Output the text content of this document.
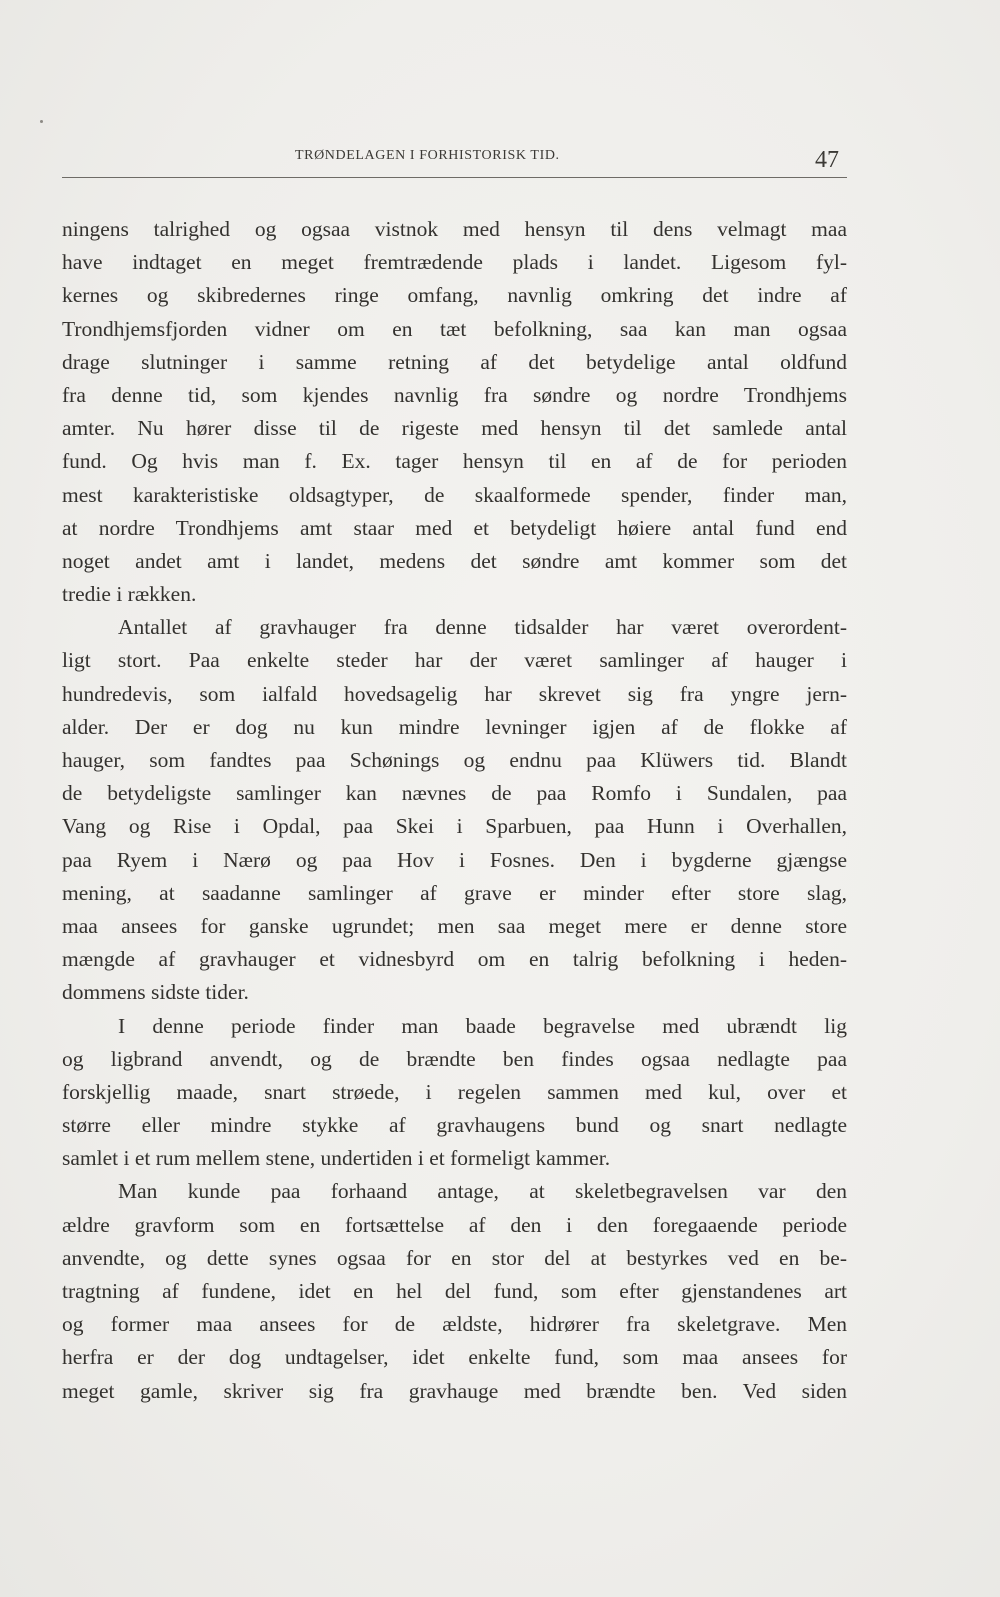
TRØNDELAGEN I FORHISTORISK TID.	47
ningens talrighed og ogsaa vistnok med hensyn til dens velmagt maa
have indtaget en meget fremtrædende plads i landet. Ligesom fyl-
kernes og skibredernes ringe omfang, navnlig omkring det indre af
Trondhjemsfjorden vidner om en tæt befolkning, saa kan man ogsaa
drage slutninger i samme retning af det betydelige antal oldfund
fra denne tid, som kjendes navnlig fra søndre og nordre Trondhjems
amter. Nu hører disse til de rigeste med hensyn til det samlede antal
fund. Og hvis man f. Ex. tager hensyn til en af de for perioden
mest karakteristiske oldsagtyper, de skaalformede spender, finder man,
at nordre Trondhjems amt staar med et betydeligt høiere antal fund end
noget andet amt i landet, medens det søndre amt kommer som det
tredie i rækken.
Antallet af gravhauger fra denne tidsalder har været overordent-
ligt stort. Paa enkelte steder har der været samlinger af hauger i
hundredevis, som ialfald hovedsagelig har skrevet sig fra yngre jern-
alder. Der er dog nu kun mindre levninger igjen af de flokke af
hauger, som fandtes paa Schønings og endnu paa Klüwers tid. Blandt
de betydeligste samlinger kan nævnes de paa Romfo i Sundalen, paa
Vang og Rise i Opdal, paa Skei i Sparbuen, paa Hunn i Overhallen,
paa Ryem i Nærø og paa Hov i Fosnes. Den i bygderne gjængse
mening, at saadanne samlinger af grave er minder efter store slag,
maa ansees for ganske ugrundet; men saa meget mere er denne store
mængde af gravhauger et vidnesbyrd om en talrig befolkning i heden-
dommens sidste tider.
I denne periode finder man baade begravelse med ubrændt lig
og ligbrand anvendt, og de brændte ben findes ogsaa nedlagte paa
forskjellig maade, snart strøede, i regelen sammen med kul, over et
større eller mindre stykke af gravhaugens bund og snart nedlagte
samlet i et rum mellem stene, undertiden i et formeligt kammer.
Man kunde paa forhaand antage, at skeletbegravelsen var den
ældre gravform som en fortsættelse af den i den foregaaende periode
anvendte, og dette synes ogsaa for en stor del at bestyrkes ved en be-
tragtning af fundene, idet en hel del fund, som efter gjenstandenes art
og former maa ansees for de ældste, hidrører fra skeletgrave. Men
herfra er der dog undtagelser, idet enkelte fund, som maa ansees for
meget gamle, skriver sig fra gravhauge med brændte ben. Ved siden
